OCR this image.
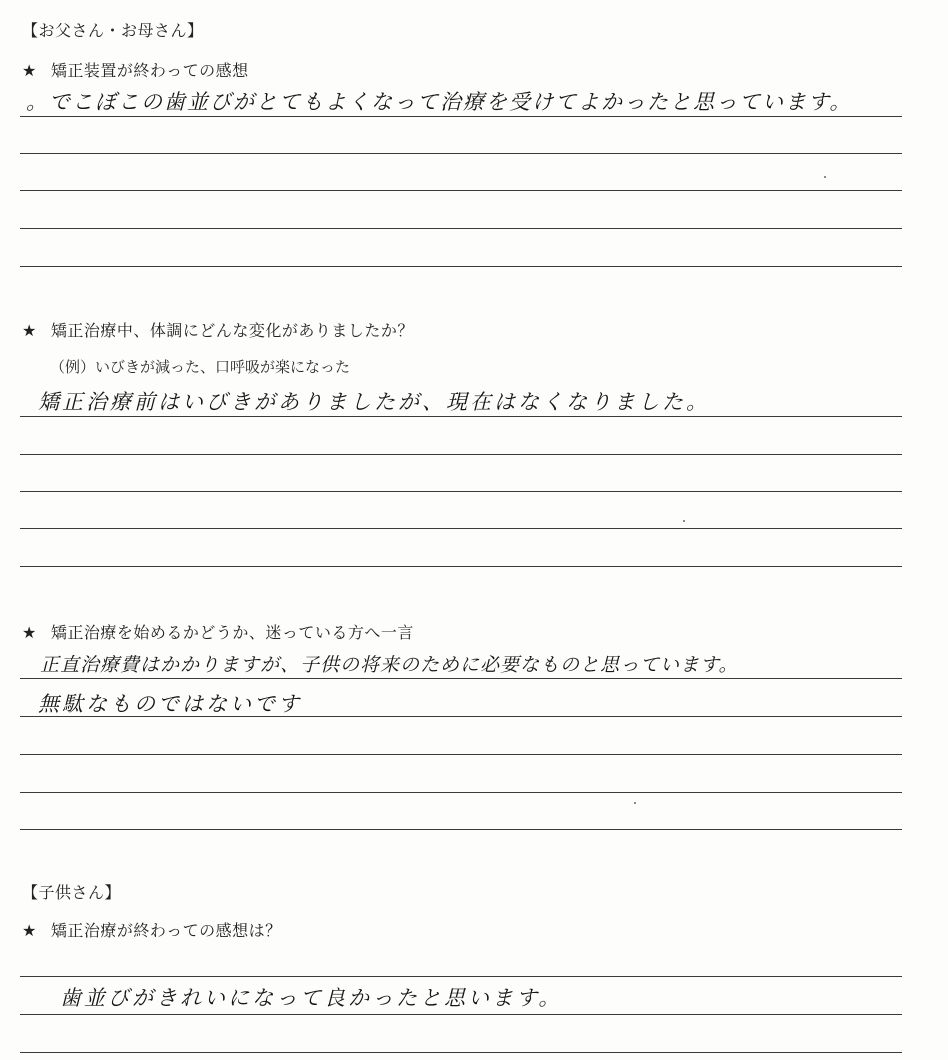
【お父さん・お母さん】
★ 矯正装置が終わっての感想
。でこぼこの歯並びがとてもよくなって治療を受けてよかったと思っています。
★ 矯正治療中、体調にどんな変化がありましたか？
（例）いびきが減った、口呼吸が楽になった
矯正治療前はいびきがありましたが、現在はなくなりました。
★ 矯正治療を始めるかどうか、迷っている方へ一言
正直治療費はかかりますが、子供の将来のために必要なものと思っています。
無駄なものではないです
【子供さん】
★ 矯正治療が終わっての感想は？
歯並びがきれいになって良かったと思います。
